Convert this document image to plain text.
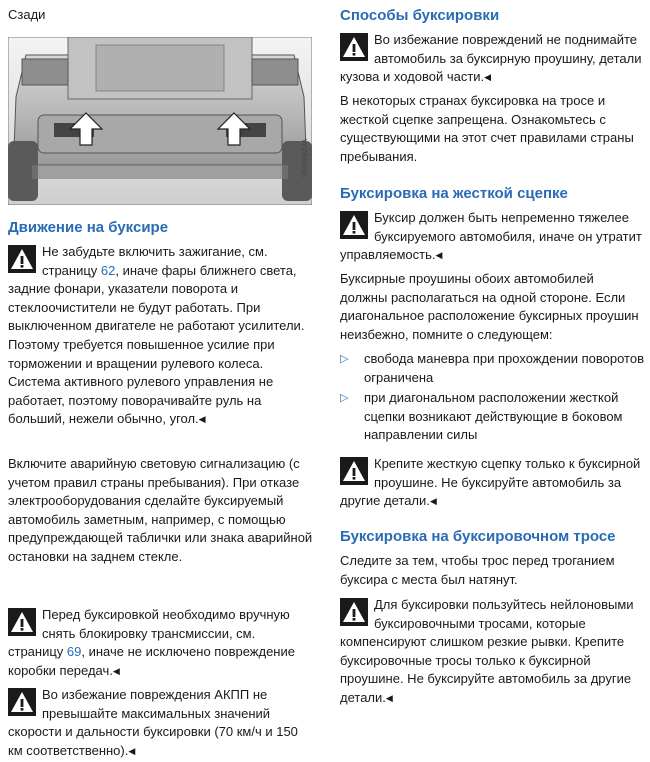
Сзади
VA05082UA
Движение на буксире

Не забудьте включить зажигание, см. страницу 62, иначе фары ближнего света, задние фонари, указатели поворота и стеклоочистители не будут работать. При выключенном двигателе не работают усилители. Поэтому требуется повышенное усилие при торможении и вращении рулевого колеса. Система активного рулевого управления не работает, поэтому поворачивайте руль на больший, нежели обычно, угол.◀

Включите аварийную световую сигнализацию (с учетом правил страны пребывания). При отказе электрооборудования сделайте буксируемый автомобиль заметным, например, с помощью предупреждающей таблички или знака аварийной остановки на заднем стекле.

Перед буксировкой необходимо вручную снять блокировку трансмиссии, см. страницу 69, иначе не исключено повреждение коробки передач.◀

Во избежание повреждения АКПП не превышайте максимальных значений скорости и дальности буксировки (70 км/ч и 150 км соответственно).◀

Способы буксировки

Во избежание повреждений не поднимайте автомобиль за буксирную проушину, детали кузова и ходовой части.◀

В некоторых странах буксировка на тросе и жесткой сцепке запрещена. Ознакомьтесь с существующими на этот счет правилами страны пребывания.

Буксировка на жесткой сцепке

Буксир должен быть непременно тяжелее буксируемого автомобиля, иначе он утратит управляемость.◀

Буксирные проушины обоих автомобилей должны располагаться на одной стороне. Если диагональное расположение буксирных проушин неизбежно, помните о следующем:

▷ свобода маневра при прохождении поворотов ограничена
▷ при диагональном расположении жесткой сцепки возникают действующие в боковом направлении силы

Крепите жесткую сцепку только к буксирной проушине. Не буксируйте автомобиль за другие детали.◀

Буксировка на буксировочном тросе

Следите за тем, чтобы трос перед троганием буксира с места был натянут.

Для буксировки пользуйтесь нейлоновыми буксировочными тросами, которые компенсируют слишком резкие рывки. Крепите буксировочные тросы только к буксирной проушине. Не буксируйте автомобиль за другие детали.◀
